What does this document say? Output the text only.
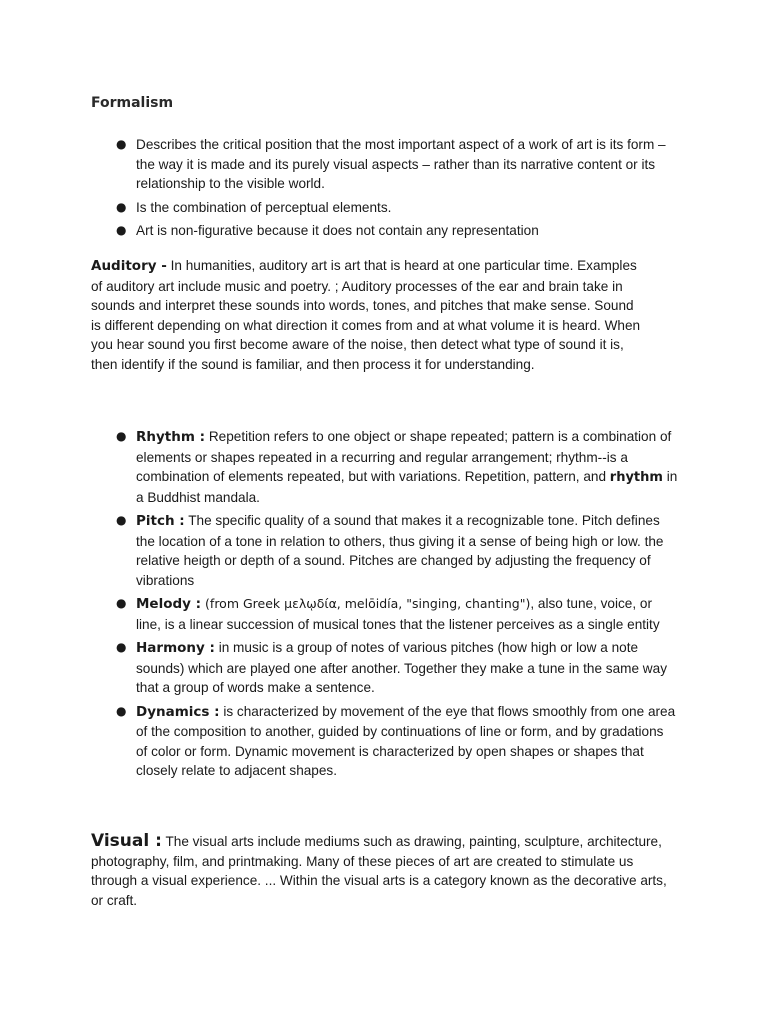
Formalism
● Describes the critical position that the most important aspect of a work of art is its form – the way it is made and its purely visual aspects – rather than its narrative content or its relationship to the visible world.
● Is the combination of perceptual elements.
● Art is non-figurative because it does not contain any representation

Auditory - In humanities, auditory art is art that is heard at one particular time. Examples of auditory art include music and poetry. ; Auditory processes of the ear and brain take in sounds and interpret these sounds into words, tones, and pitches that make sense. Sound is different depending on what direction it comes from and at what volume it is heard. When you hear sound you first become aware of the noise, then detect what type of sound it is, then identify if the sound is familiar, and then process it for understanding.

● Rhythm : Repetition refers to one object or shape repeated; pattern is a combination of elements or shapes repeated in a recurring and regular arrangement; rhythm--is a combination of elements repeated, but with variations. Repetition, pattern, and rhythm in a Buddhist mandala.
● Pitch : The specific quality of a sound that makes it a recognizable tone. Pitch defines the location of a tone in relation to others, thus giving it a sense of being high or low. the relative heigth or depth of a sound. Pitches are changed by adjusting the frequency of vibrations
● Melody : (from Greek μελῳδία, melōidía, "singing, chanting"), also tune, voice, or line, is a linear succession of musical tones that the listener perceives as a single entity
● Harmony : in music is a group of notes of various pitches (how high or low a note sounds) which are played one after another. Together they make a tune in the same way that a group of words make a sentence.
● Dynamics : is characterized by movement of the eye that flows smoothly from one area of the composition to another, guided by continuations of line or form, and by gradations of color or form. Dynamic movement is characterized by open shapes or shapes that closely relate to adjacent shapes.

Visual : The visual arts include mediums such as drawing, painting, sculpture, architecture, photography, film, and printmaking. Many of these pieces of art are created to stimulate us through a visual experience. ... Within the visual arts is a category known as the decorative arts, or craft.
